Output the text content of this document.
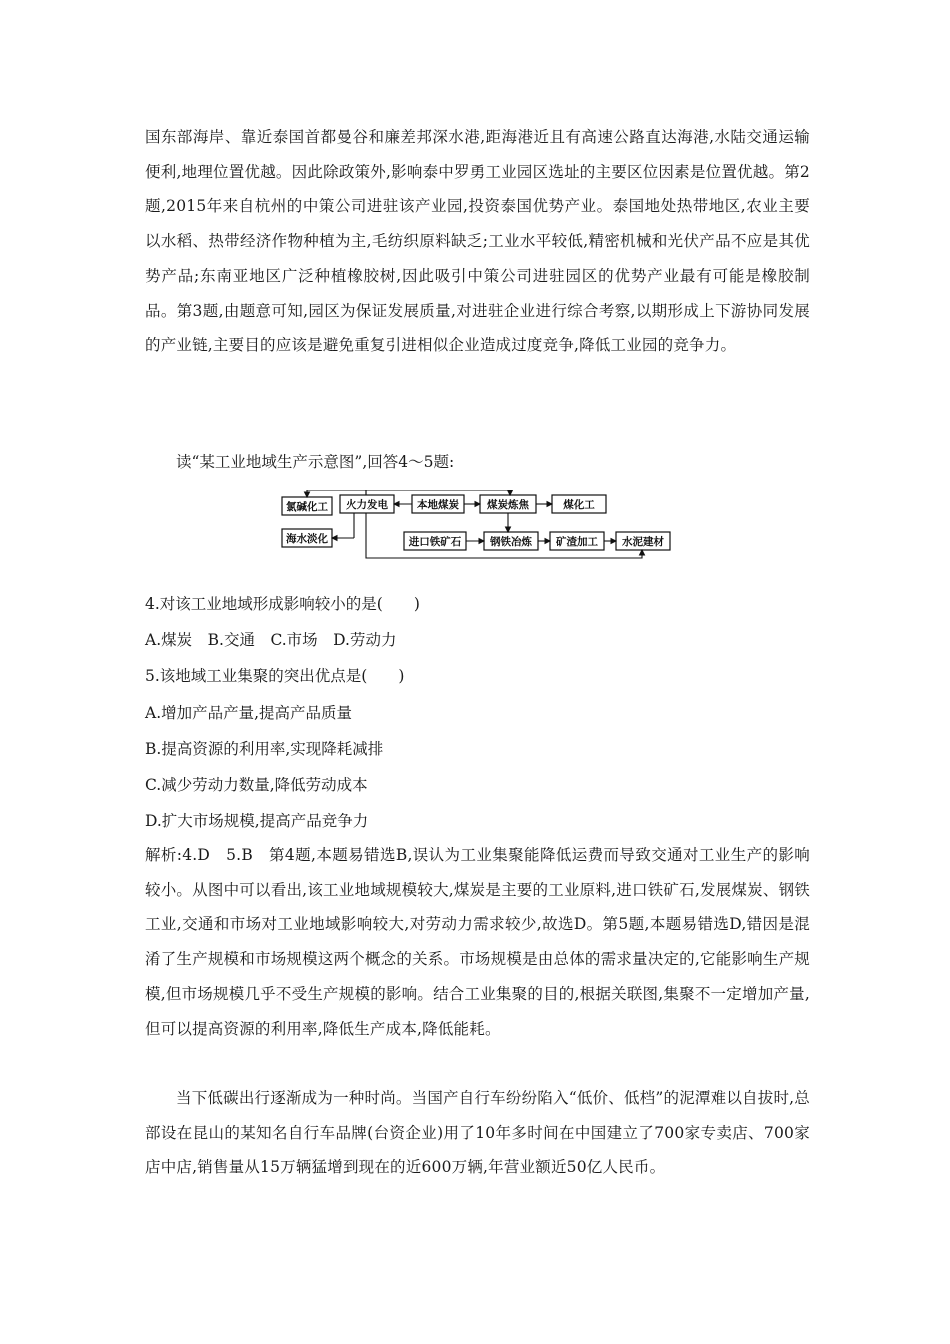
国东部海岸、靠近泰国首都曼谷和廉差邦深水港,距海港近且有高速公路直达海港,水陆交通运输便利,地理位置优越。因此除政策外,影响泰中罗勇工业园区选址的主要区位因素是位置优越。第2题,2015年来自杭州的中策公司进驻该产业园,投资泰国优势产业。泰国地处热带地区,农业主要以水稻、热带经济作物种植为主,毛纺织原料缺乏;工业水平较低,精密机械和光伏产品不应是其优势产品;东南亚地区广泛种植橡胶树,因此吸引中策公司进驻园区的优势产业最有可能是橡胶制品。第3题,由题意可知,园区为保证发展质量,对进驻企业进行综合考察,以期形成上下游协同发展的产业链,主要目的应该是避免重复引进相似企业造成过度竞争,降低工业园的竞争力。

读“某工业地域生产示意图”,回答4～5题:

氯碱化工 火力发电	本地煤炭	煤炭炼焦	煤化工
海水淡化	进口铁矿石	钢铁冶炼 矿渣加工 水泥建材

4.对该工业地域形成影响较小的是(　　)

A.煤炭　B.交通　C.市场　D.劳动力

5.该地域工业集聚的突出优点是(　　)

A.增加产品产量,提高产品质量

B.提高资源的利用率,实现降耗减排

C.减少劳动力数量,降低劳动成本

D.扩大市场规模,提高产品竞争力

解析:4.D　5.B　第4题,本题易错选B,误认为工业集聚能降低运费而导致交通对工业生产的影响较小。从图中可以看出,该工业地域规模较大,煤炭是主要的工业原料,进口铁矿石,发展煤炭、钢铁工业,交通和市场对工业地域影响较大,对劳动力需求较少,故选D。第5题,本题易错选D,错因是混淆了生产规模和市场规模这两个概念的关系。市场规模是由总体的需求量决定的,它能影响生产规模,但市场规模几乎不受生产规模的影响。结合工业集聚的目的,根据关联图,集聚不一定增加产量,但可以提高资源的利用率,降低生产成本,降低能耗。

当下低碳出行逐渐成为一种时尚。当国产自行车纷纷陷入“低价、低档”的泥潭难以自拔时,总部设在昆山的某知名自行车品牌(台资企业)用了10年多时间在中国建立了700家专卖店、700家店中店,销售量从15万辆猛增到现在的近600万辆,年营业额近50亿人民币。
